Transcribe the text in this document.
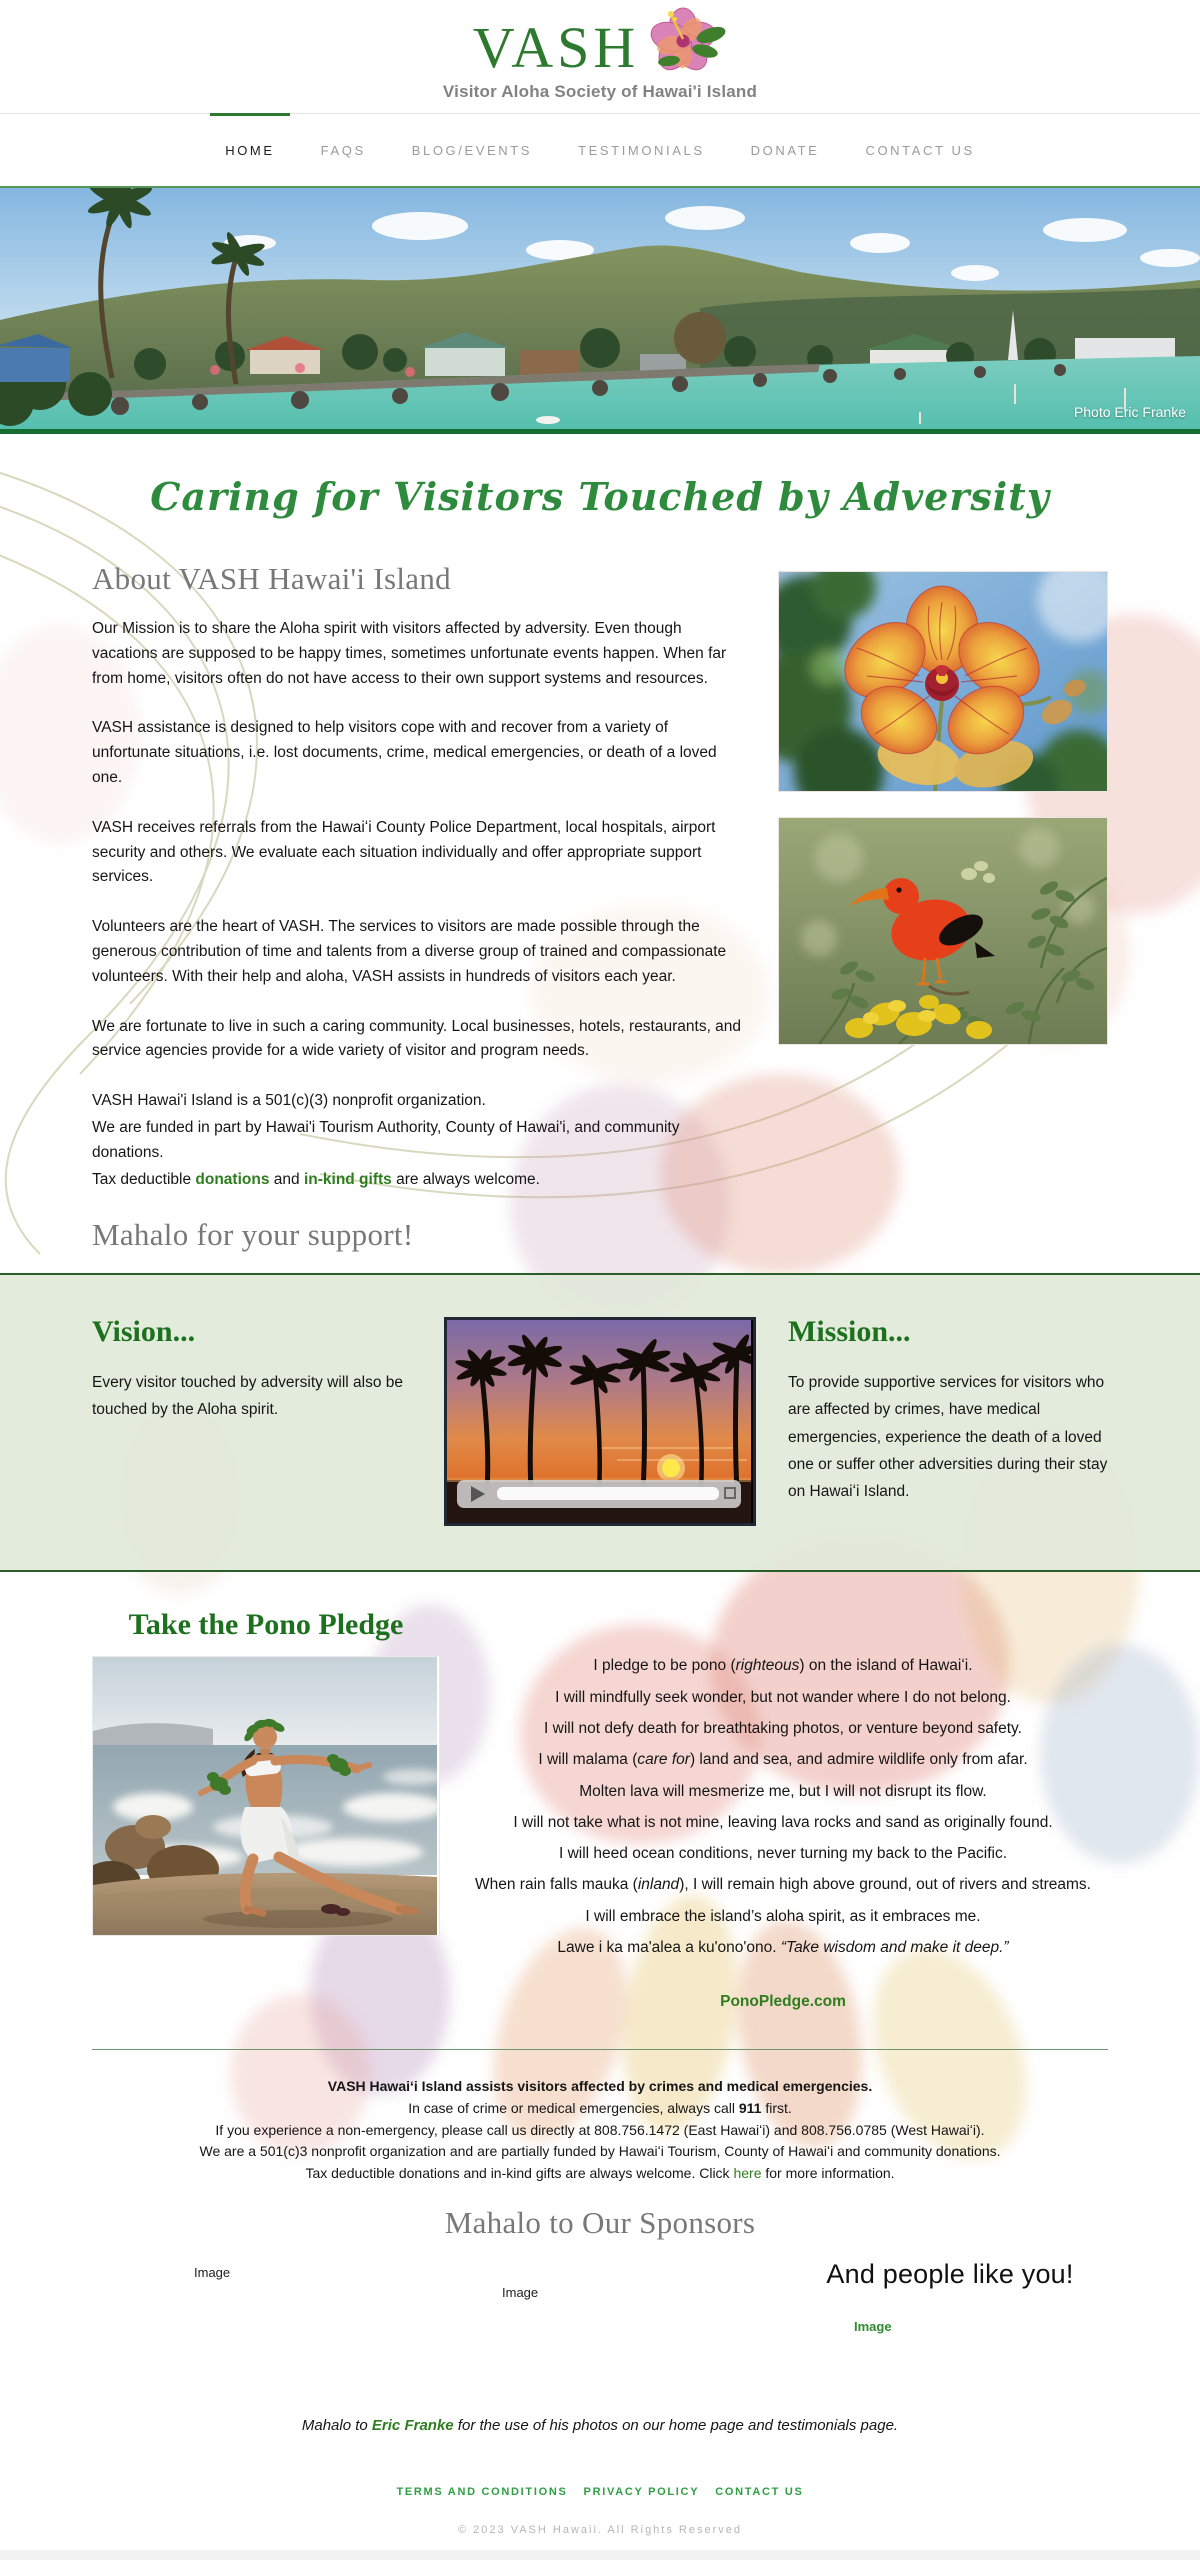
VASH
Visitor Aloha Society of Hawai'i Island
HOME	FAQS	BLOG/EVENTS	TESTIMONIALS	DONATE	CONTACT US
Photo Eric Franke
Caring for Visitors Touched by Adversity
About VASH Hawai'i Island

Our Mission is to share the Aloha spirit with visitors affected by adversity. Even though vacations are supposed to be happy times, sometimes unfortunate events happen. When far from home, visitors often do not have access to their own support systems and resources.

VASH assistance is designed to help visitors cope with and recover from a variety of unfortunate situations, i.e. lost documents, crime, medical emergencies, or death of a loved one.

VASH receives referrals from the Hawaiʻi County Police Department, local hospitals, airport security and others. We evaluate each situation individually and offer appropriate support services.

Volunteers are the heart of VASH. The services to visitors are made possible through the generous contribution of time and talents from a diverse group of trained and compassionate volunteers. With their help and aloha, VASH assists in hundreds of visitors each year.

We are fortunate to live in such a caring community. Local businesses, hotels, restaurants, and service agencies provide for a wide variety of visitor and program needs.

VASH Hawai'i Island is a 501(c)(3) nonprofit organization.

We are funded in part by Hawai'i Tourism Authority, County of Hawai'i, and community donations.

Tax deductible donations and in-kind gifts are always welcome.

Mahalo for your support!
Vision...

Every visitor touched by adversity will also be touched by the Aloha spirit.

Mission...

To provide supportive services for visitors who are affected by crimes, have medical emergencies, experience the death of a loved one or suffer other adversities during their stay on Hawaiʻi Island.

Take the Pono Pledge

I pledge to be pono (righteous) on the island of Hawaiʻi.

I will mindfully seek wonder, but not wander where I do not belong.

I will not defy death for breathtaking photos, or venture beyond safety.

I will malama (care for) land and sea, and admire wildlife only from afar.

Molten lava will mesmerize me, but I will not disrupt its flow.

I will not take what is not mine, leaving lava rocks and sand as originally found.

I will heed ocean conditions, never turning my back to the Pacific.

When rain falls mauka (inland), I will remain high above ground, out of rivers and streams.

I will embrace the island’s aloha spirit, as it embraces me.

Lawe i ka ma'alea a ku'ono'ono. “Take wisdom and make it deep.”

PonoPledge.com

VASH Hawaiʻi Island assists visitors affected by crimes and medical emergencies.

In case of crime or medical emergencies, always call 911 first.

If you experience a non-emergency, please call us directly at 808.756.1472 (East Hawaiʻi) and 808.756.0785 (West Hawaiʻi).

We are a 501(c)3 nonprofit organization and are partially funded by Hawaiʻi Tourism, County of Hawaiʻi and community donations.

Tax deductible donations and in-kind gifts are always welcome. Click here for more information.

Mahalo to Our Sponsors
Image
Image
And people like you!
Image

Mahalo to Eric Franke for the use of his photos on our home page and testimonials page.

TERMS AND CONDITIONS PRIVACY POLICY CONTACT US
© 2023 VASH Hawaii. All Rights Reserved
